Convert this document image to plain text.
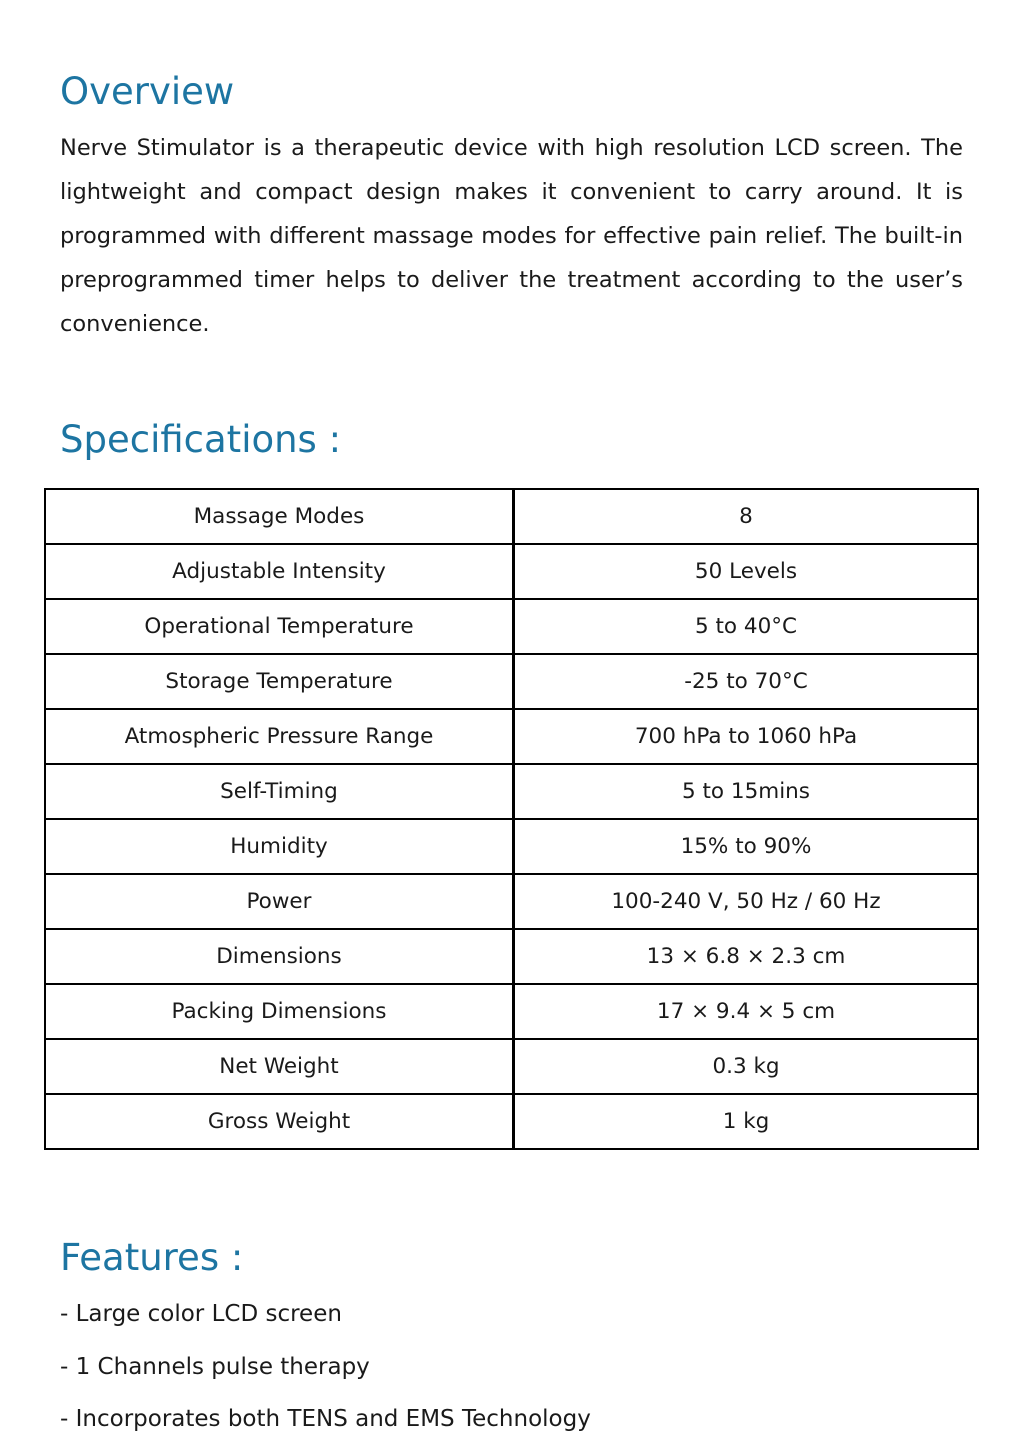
Overview

Nerve Stimulator is a therapeutic device with high resolution LCD screen. The lightweight and compact design makes it convenient to carry around. It is programmed with different massage modes for effective pain relief. The built-in preprogrammed timer helps to deliver the treatment according to the user’s convenience.

Specifications :
Massage Modes	8
Adjustable Intensity	50 Levels
Operational Temperature	5 to 40°C
Storage Temperature	-25 to 70°C
Atmospheric Pressure Range	700 hPa to 1060 hPa
Self-Timing	5 to 15mins
Humidity	15% to 90%
Power	100-240 V, 50 Hz / 60 Hz
Dimensions	13 × 6.8 × 2.3 cm
Packing Dimensions	17 × 9.4 × 5 cm
Net Weight	0.3 kg
Gross Weight	1 kg
Features :
- Large color LCD screen
- 1 Channels pulse therapy
- Incorporates both TENS and EMS Technology
